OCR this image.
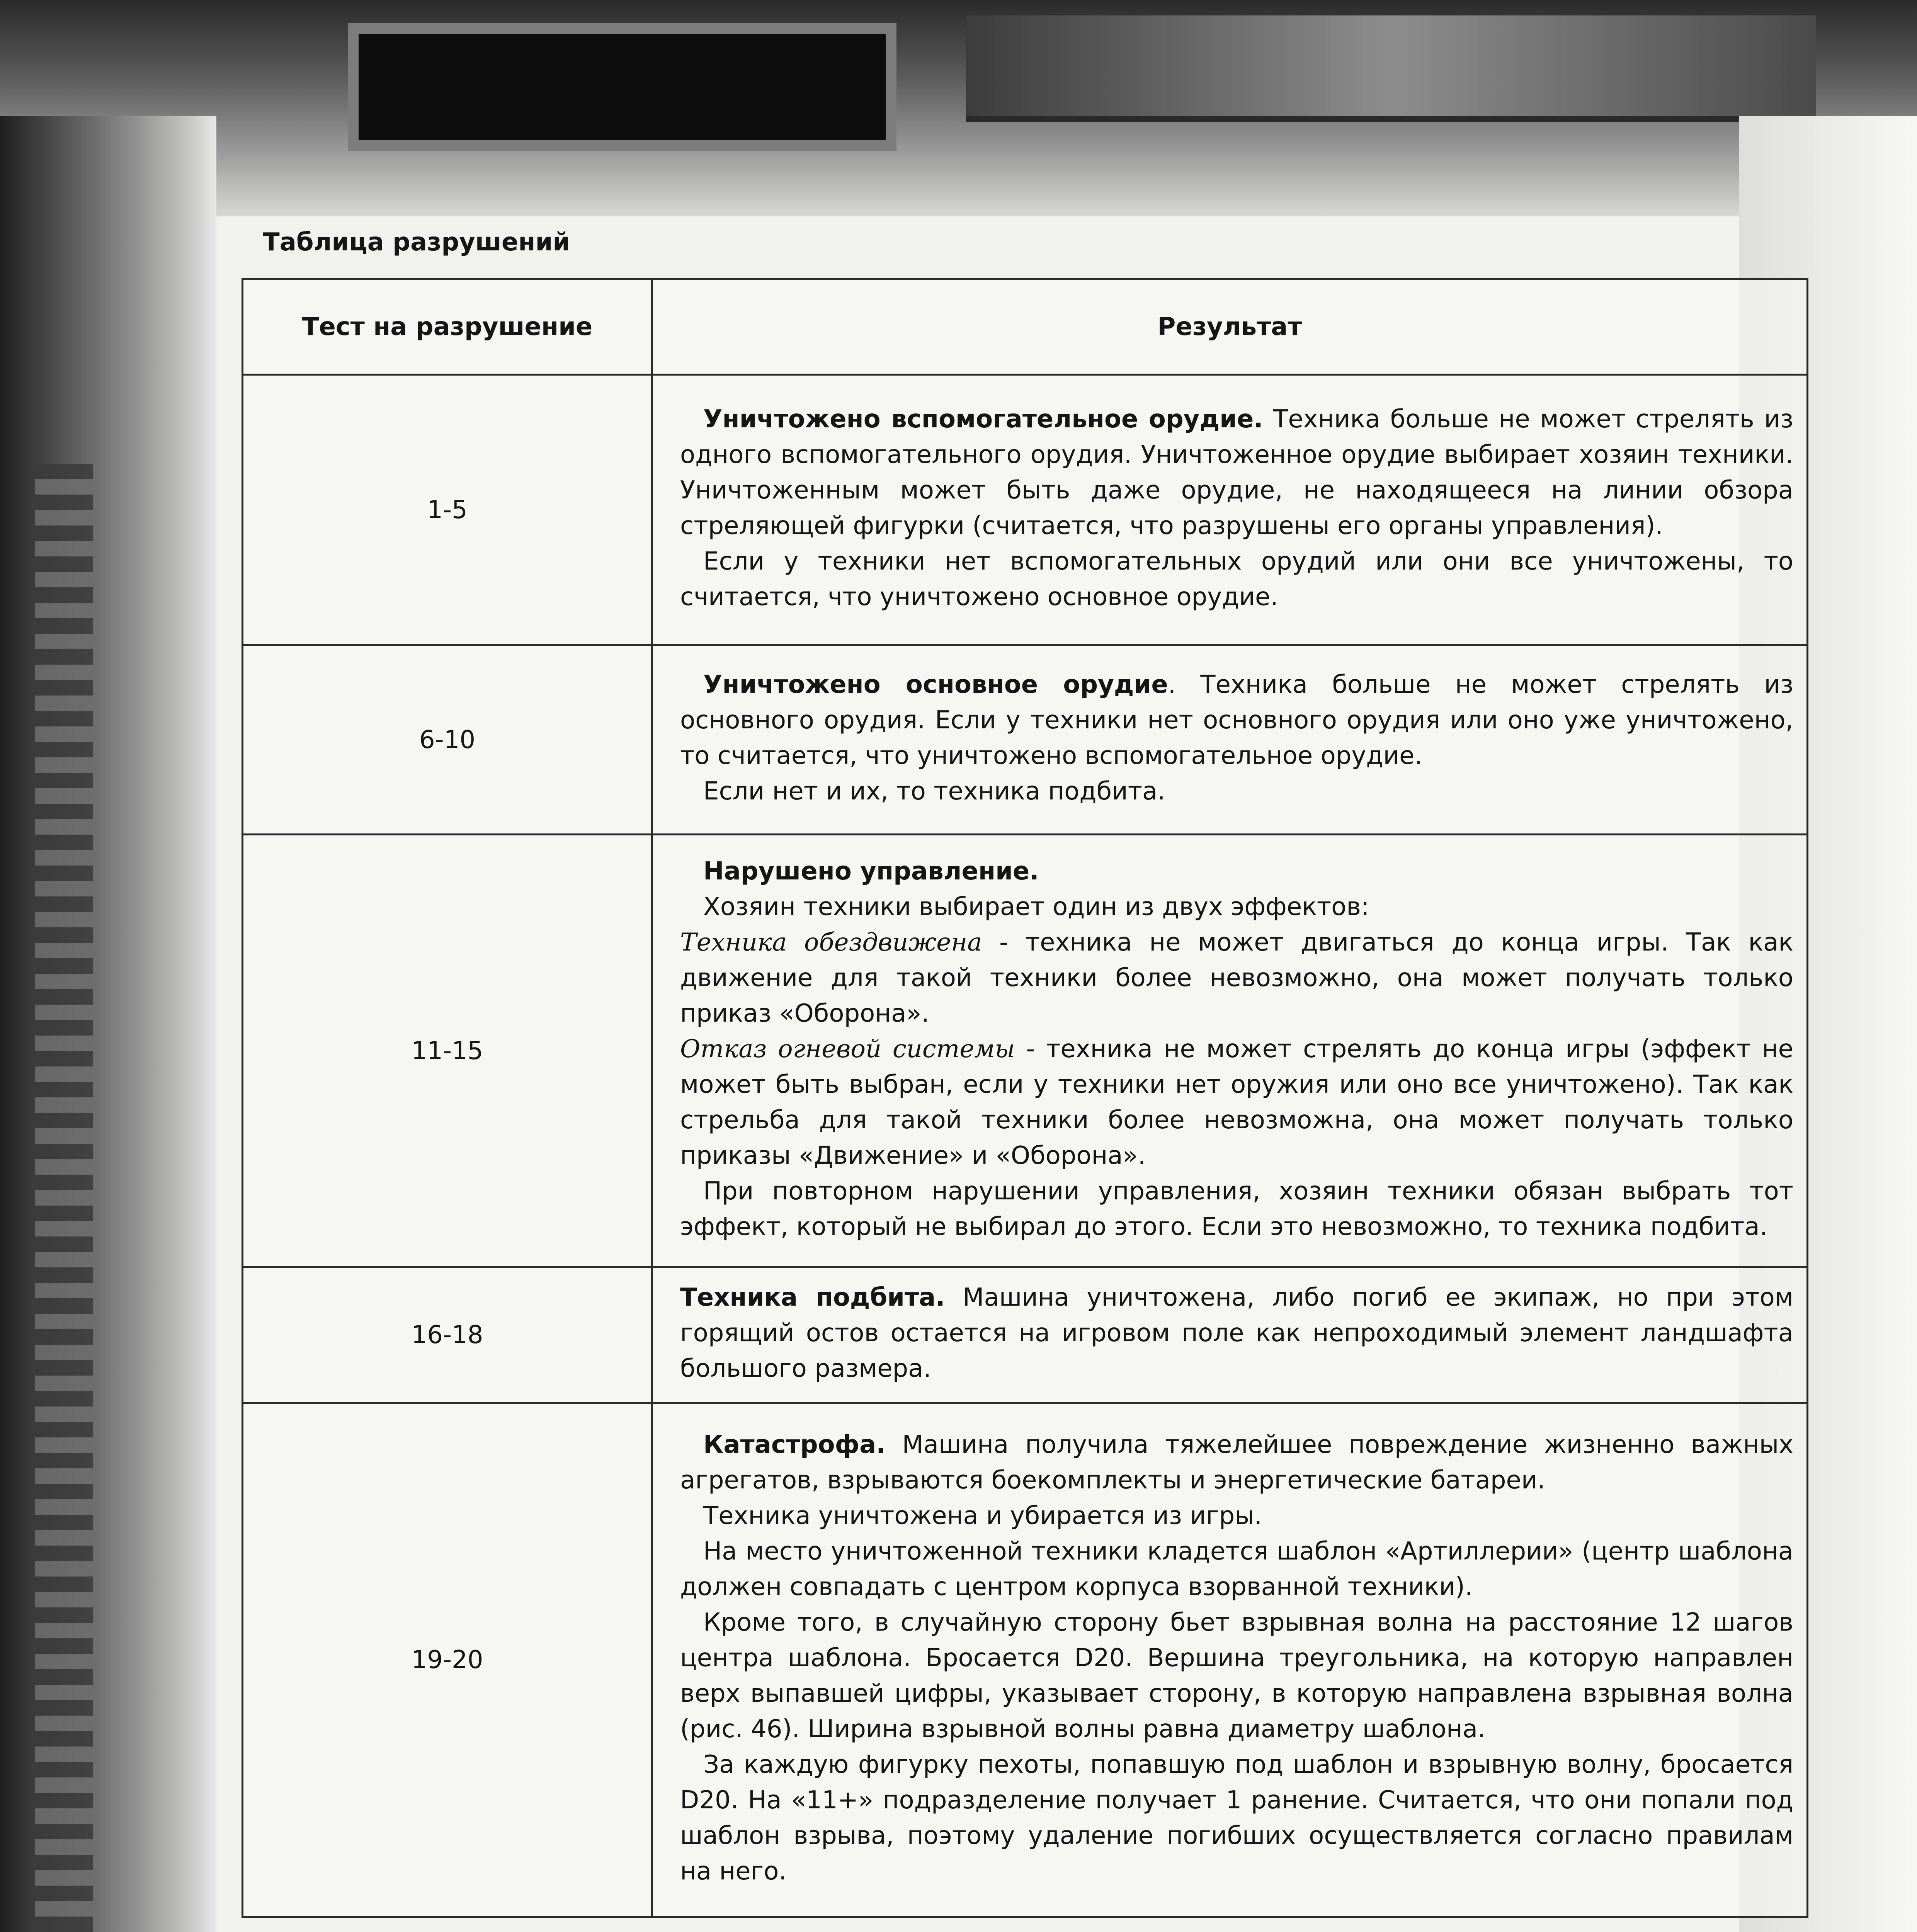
Таблица разрушений
Тест на разрушение	Результат
1-5	Уничтожено вспомогательное орудие. Техника больше не может стрелять из одного вспомогательного орудия. Уничтоженное орудие выбирает хозяин техники. Уничтоженным может быть даже орудие, не находящееся на линии обзора стреляющей фигурки (считается, что разрушены его органы управления).

Если у техники нет вспомогательных орудий или они все уничтожены, то считается, что уничтожено основное орудие.

6-10	Уничтожено основное орудие. Техника больше не может стрелять из основного орудия. Если у техники нет основного орудия или оно уже уничтожено, то считается, что уничтожено вспомогательное орудие.

Если нет и их, то техника подбита.

11-15	Нарушено управление.

Хозяин техники выбирает один из двух эффектов:

Техника обездвижена - техника не может двигаться до конца игры. Так как движение для такой техники более невозможно, она может получать только приказ «Оборона».

Отказ огневой системы - техника не может стрелять до конца игры (эффект не может быть выбран, если у техники нет оружия или оно все уничтожено). Так как стрельба для такой техники более невозможна, она может получать только приказы «Движение» и «Оборона».

При повторном нарушении управления, хозяин техники обязан выбрать тот эффект, который не выбирал до этого. Если это невозможно, то техника подбита.

16-18	Техника подбита. Машина уничтожена, либо погиб ее экипаж, но при этом горящий остов остается на игровом поле как непроходимый элемент ландшафта большого размера.

19-20	Катастрофа. Машина получила тяжелейшее повреждение жизненно важных агрегатов, взрываются боекомплекты и энергетические батареи.

Техника уничтожена и убирается из игры.

На место уничтоженной техники кладется шаблон «Артиллерии» (центр шаблона должен совпадать с центром корпуса взорванной техники).

Кроме того, в случайную сторону бьет взрывная волна на расстояние 12 шагов центра шаблона. Бросается D20. Вершина треугольника, на которую направлен верх выпавшей цифры, указывает сторону, в которую направлена взрывная волна (рис. 46). Ширина взрывной волны равна диаметру шаблона.

За каждую фигурку пехоты, попавшую под шаблон и взрывную волну, бросается D20. На «11+» подразделение получает 1 ранение. Считается, что они попали под шаблон взрыва, поэтому удаление погибших осуществляется согласно правилам на него.
